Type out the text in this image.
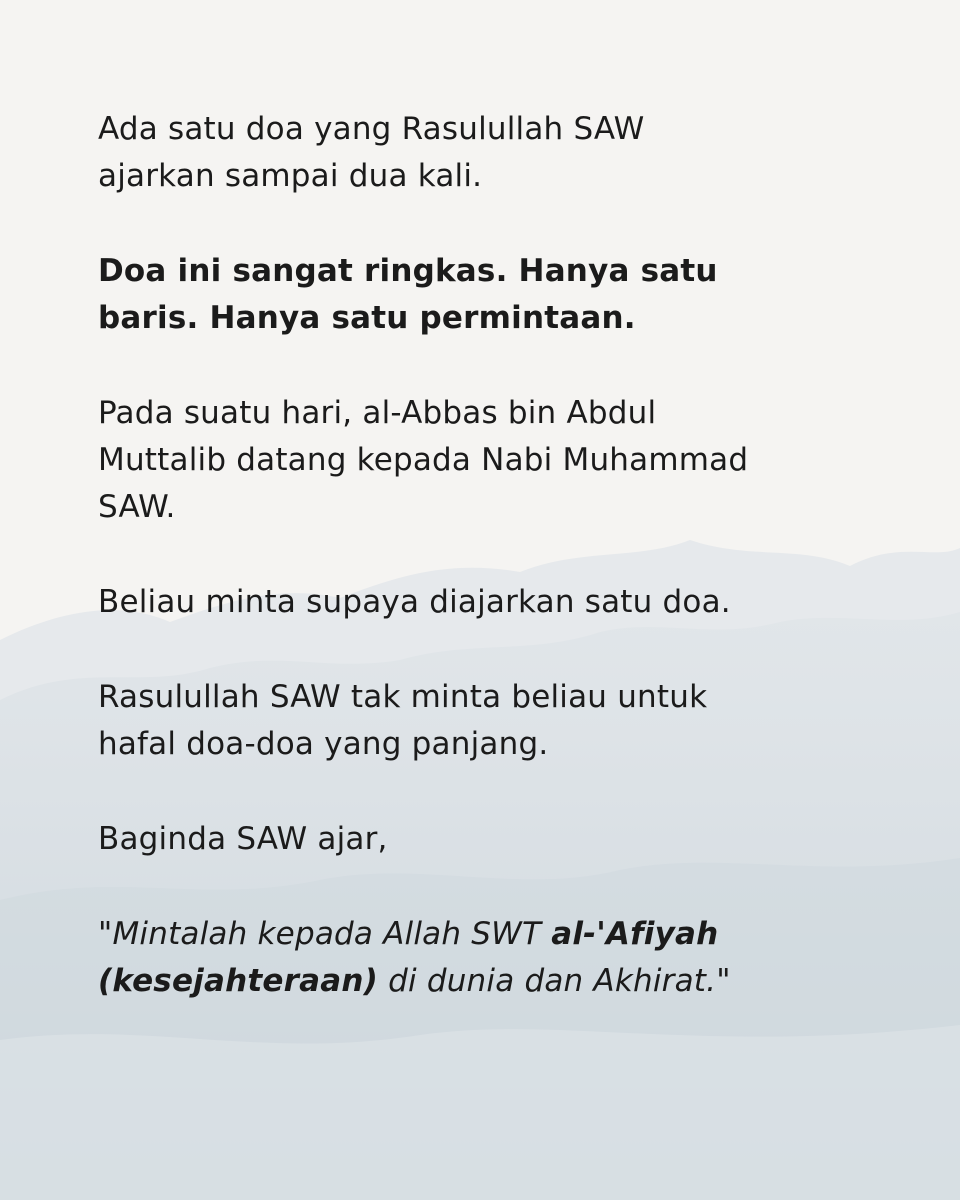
Ada satu doa yang Rasulullah SAW
ajarkan sampai dua kali.

Doa ini sangat ringkas. Hanya satu
baris. Hanya satu permintaan.

Pada suatu hari, al-Abbas bin Abdul
Muttalib datang kepada Nabi Muhammad
SAW.

Beliau minta supaya diajarkan satu doa.

Rasulullah SAW tak minta beliau untuk
hafal doa-doa yang panjang.

Baginda SAW ajar,

"Mintalah kepada Allah SWT al-'Afiyah
(kesejahteraan) di dunia dan Akhirat."
